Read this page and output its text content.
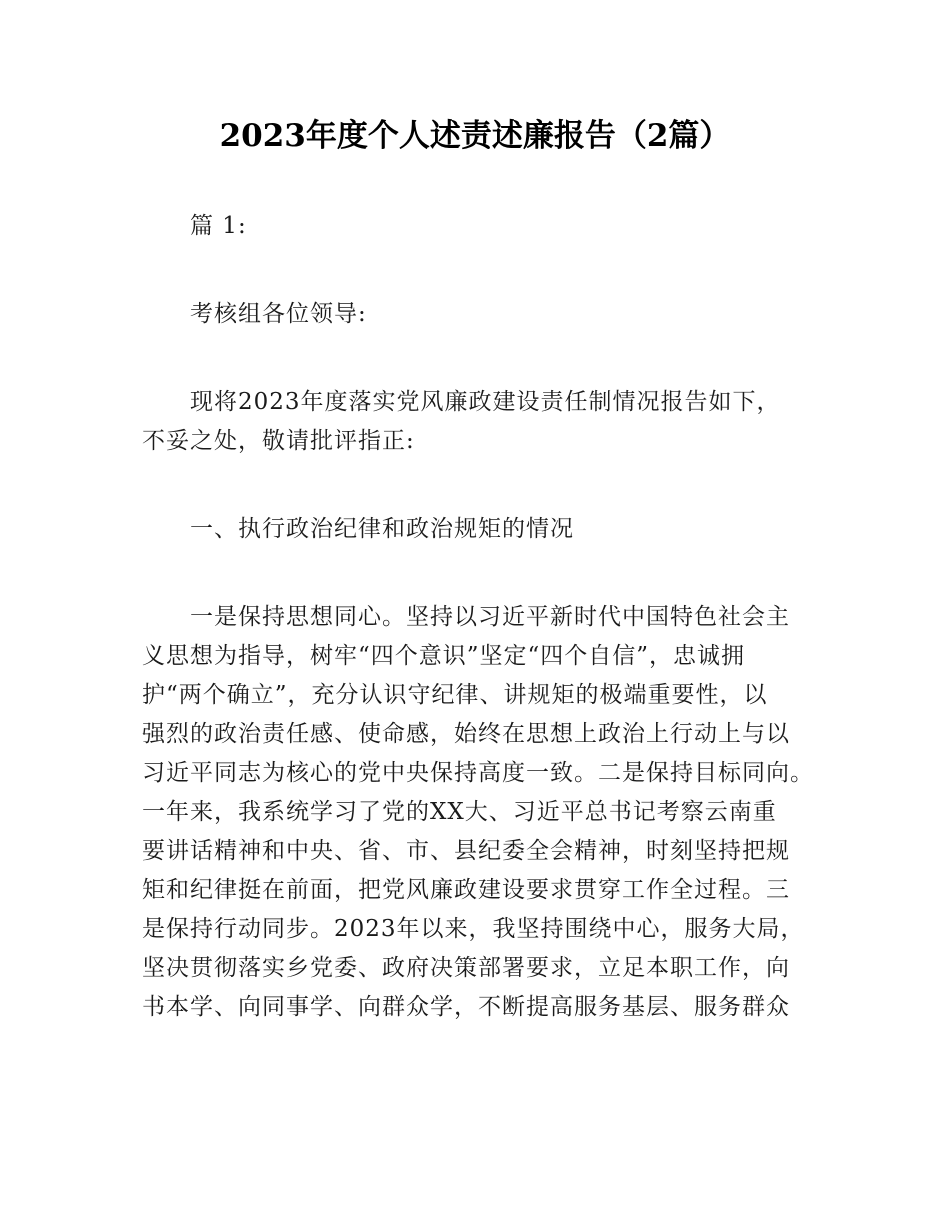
2023年度个人述责述廉报告（2篇）
篇 1:
考核组各位领导:
现将2023年度落实党风廉政建设责任制情况报告如下，
不妥之处，敬请批评指正:
一、执行政治纪律和政治规矩的情况
一是保持思想同心。坚持以习近平新时代中国特色社会主
义思想为指导，树牢“四个意识”坚定“四个自信”，忠诚拥
护“两个确立”，充分认识守纪律、讲规矩的极端重要性，以
强烈的政治责任感、使命感，始终在思想上政治上行动上与以
习近平同志为核心的党中央保持高度一致。二是保持目标同向。
一年来，我系统学习了党的XX大、习近平总书记考察云南重
要讲话精神和中央、省、市、县纪委全会精神，时刻坚持把规
矩和纪律挺在前面，把党风廉政建设要求贯穿工作全过程。三
是保持行动同步。2023年以来，我坚持围绕中心，服务大局，
坚决贯彻落实乡党委、政府决策部署要求，立足本职工作，向
书本学、向同事学、向群众学，不断提高服务基层、服务群众
